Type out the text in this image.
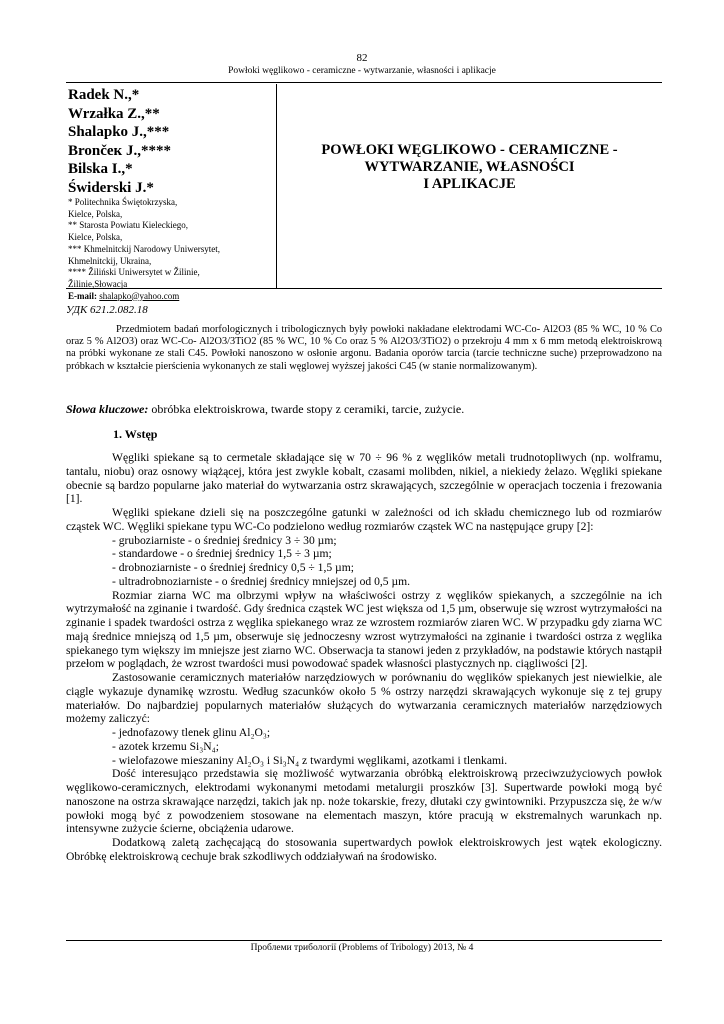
82
Powłoki węglikowo - ceramiczne - wytwarzanie, własności i aplikacje
Radek N.,*
Wrzałka Z.,**
Shalapko J.,***
Brončeк J.,****
Bilska I.,*
Świderski J.*
* Politechnika Świętokrzyska,
Kielce, Polska,
** Starosta Powiatu Kieleckiego,
Kielce, Polska,
*** Khmelnitckij Narodowy Uniwersytet,
Khmelnitckij, Ukraina,
**** Žiliński Uniwersytet w Žilinie,
Žilinie,Słowacja
E-mail: shalapko@yahoo.com
POWŁOKI WĘGLIKOWO - CERAMICZNE -
WYTWARZANIE, WŁASNOŚCI
I APLIKACJE
УДК 621.2.082.18

Przedmiotem badań morfologicznych i tribologicznych były powłoki nakładane elektrodami WC-Co- Al2O3 (85 % WC, 10 % Co oraz 5 % Al2O3) oraz WC-Co- Al2O3/3TiO2 (85 % WC, 10 % Co oraz 5 % Al2O3/3TiO2) o przekroju 4 mm x 6 mm metodą elektroiskrową na próbki wykonane ze stali C45. Powłoki nanoszono w osłonie argonu. Badania oporów tarcia (tarcie techniczne suche) przeprowadzono na próbkach w kształcie pierścienia wykonanych ze stali węglowej wyższej jakości C45 (w stanie normalizowanym).

Słowa kluczowe: obróbka elektroiskrowa, twarde stopy z ceramiki, tarcie, zużycie.
1. Wstęp

Węgliki spiekane są to cermetale składające się w 70 ÷ 96 % z węglików metali trudnotopliwych (np. wolframu, tantalu, niobu) oraz osnowy wiążącej, która jest zwykle kobalt, czasami molibden, nikiel, a niekiedy żelazo. Węgliki spiekane obecnie są bardzo popularne jako materiał do wytwarzania ostrz skrawających, szczególnie w operacjach toczenia i frezowania [1].

Węgliki spiekane dzieli się na poszczególne gatunki w zależności od ich składu chemicznego lub od rozmiarów cząstek WC. Węgliki spiekane typu WC-Co podzielono według rozmiarów cząstek WC na następujące grupy [2]:

- gruboziarniste - o średniej średnicy 3 ÷ 30 µm;

- standardowe - o średniej średnicy 1,5 ÷ 3 µm;

- drobnoziarniste - o średniej średnicy 0,5 ÷ 1,5 µm;

- ultradrobnoziarniste - o średniej średnicy mniejszej od 0,5 µm.

Rozmiar ziarna WC ma olbrzymi wpływ na właściwości ostrzy z węglików spiekanych, a szczególnie na ich wytrzymałość na zginanie i twardość. Gdy średnica cząstek WC jest większa od 1,5 µm, obserwuje się wzrost wytrzymałości na zginanie i spadek twardości ostrza z węglika spiekanego wraz ze wzrostem rozmiarów ziaren WC. W przypadku gdy ziarna WC mają średnice mniejszą od 1,5 µm, obserwuje się jednoczesny wzrost wytrzymałości na zginanie i twardości ostrza z węglika spiekanego tym większy im mniejsze jest ziarno WC. Obserwacja ta stanowi jeden z przykładów, na podstawie których nastąpił przełom w poglądach, że wzrost twardości musi powodować spadek własności plastycznych np. ciągliwości [2].

Zastosowanie ceramicznych materiałów narzędziowych w porównaniu do węglików spiekanych jest niewielkie, ale ciągle wykazuje dynamikę wzrostu. Według szacunków około 5 % ostrzy narzędzi skrawających wykonuje się z tej grupy materiałów. Do najbardziej popularnych materiałów służących do wytwarzania ceramicznych materiałów narzędziowych możemy zaliczyć:

- jednofazowy tlenek glinu Al₂O₃;

- azotek krzemu Si₃N₄;

- wielofazowe mieszaniny Al₂O₃ i Si₃N₄ z twardymi węglikami, azotkami i tlenkami.

Dość interesująco przedstawia się możliwość wytwarzania obróbką elektroiskrową przeciwzużyciowych powłok węglikowo-ceramicznych, elektrodami wykonanymi metodami metalurgii proszków [3]. Supertwarde powłoki mogą być nanoszone na ostrza skrawające narzędzi, takich jak np. noże tokarskie, frezy, dłutaki czy gwintowniki. Przypuszcza się, że w/w powłoki mogą być z powodzeniem stosowane na elementach maszyn, które pracują w ekstremalnych warunkach np. intensywne zużycie ścierne, obciążenia udarowe.

Dodatkową zaletą zachęcającą do stosowania supertwardych powłok elektroiskrowych jest wątek ekologiczny. Obróbkę elektroiskrową cechuje brak szkodliwych oddziaływań na środowisko.

Проблеми трибології (Problems of Tribology) 2013, № 4
